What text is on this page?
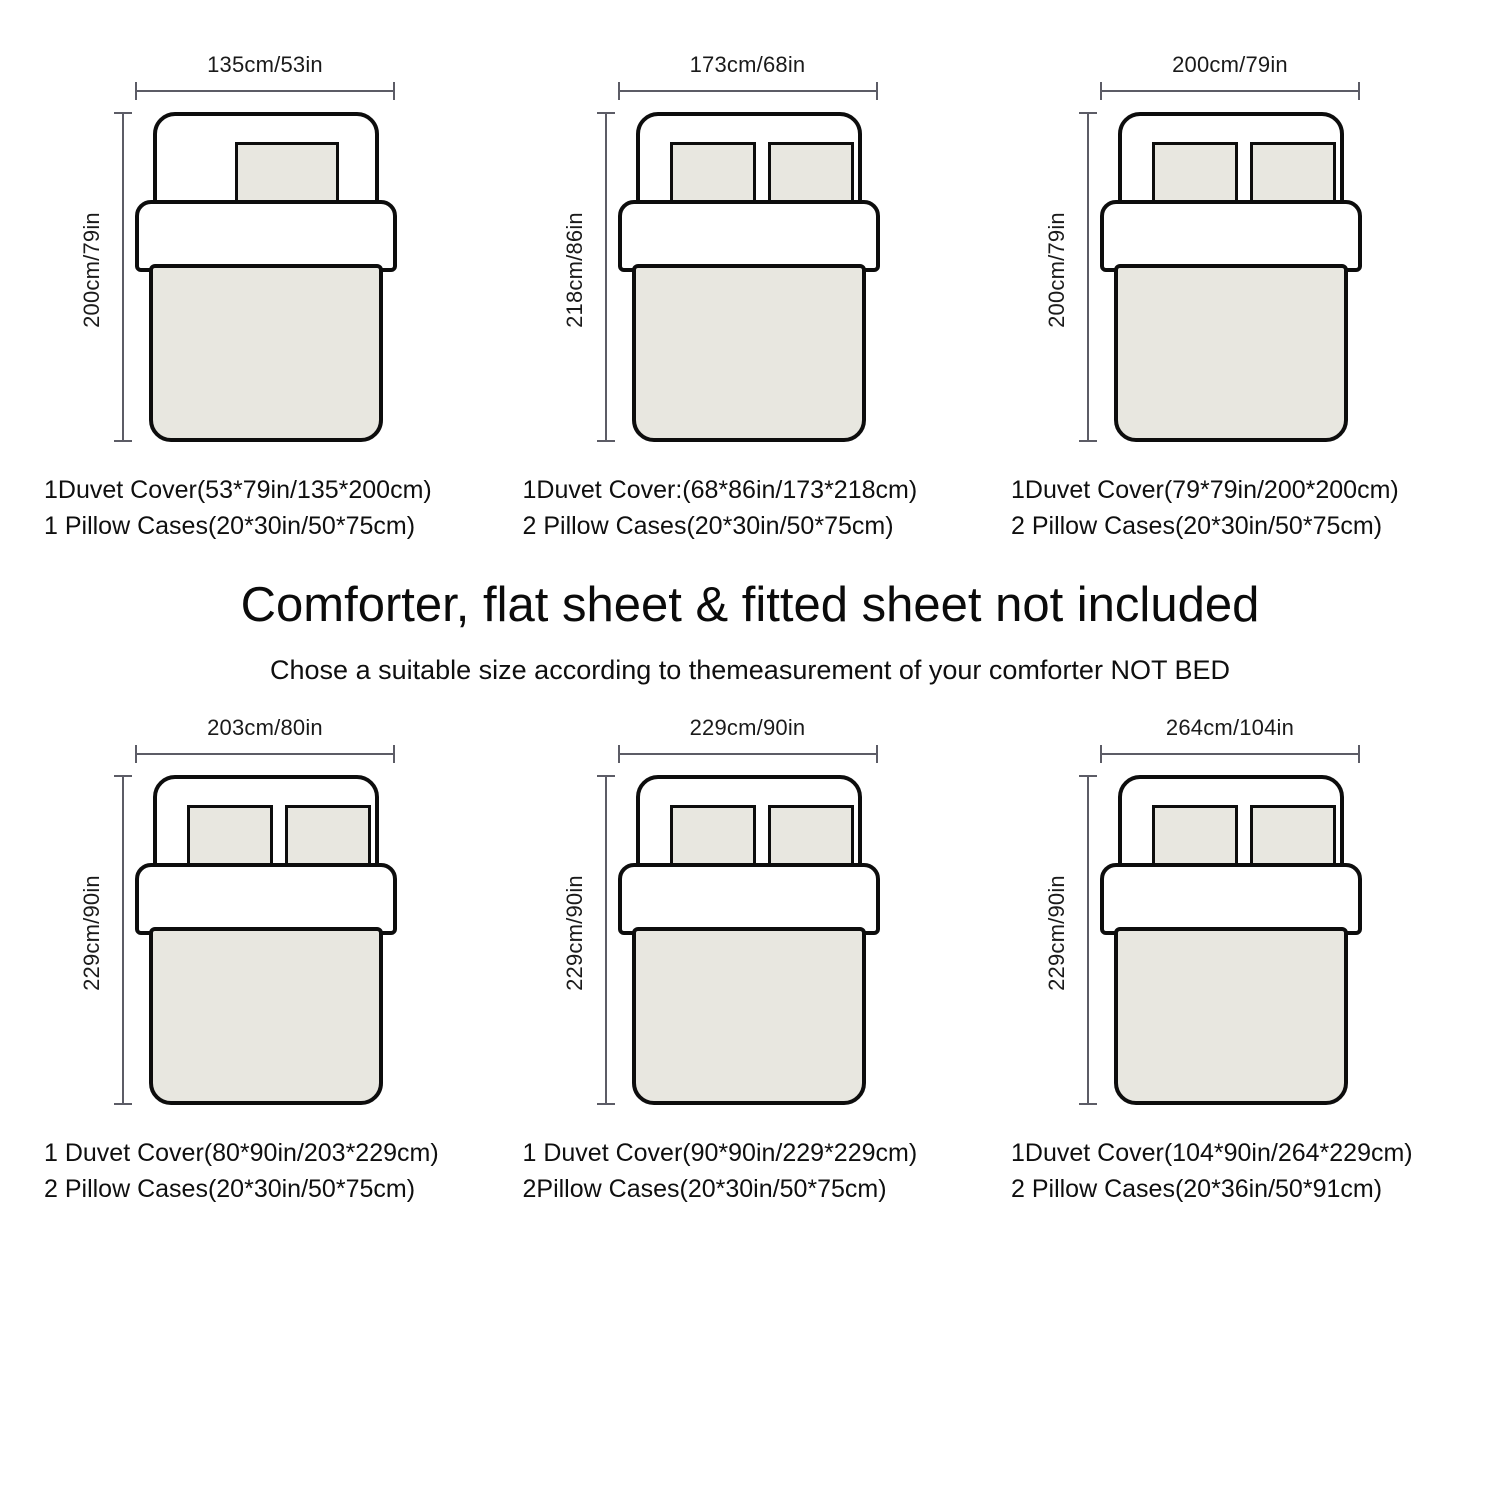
135cm/53in
200cm/79in
1Duvet Cover(53*79in/135*200cm)
1 Pillow Cases(20*30in/50*75cm)
173cm/68in
218cm/86in
1Duvet Cover:(68*86in/173*218cm)
2 Pillow Cases(20*30in/50*75cm)
200cm/79in
200cm/79in
1Duvet Cover(79*79in/200*200cm)
2 Pillow Cases(20*30in/50*75cm)
Comforter, flat sheet & fitted sheet not included
Chose a suitable size according to themeasurement of your comforter NOT BED
203cm/80in
229cm/90in
1 Duvet Cover(80*90in/203*229cm)
2 Pillow Cases(20*30in/50*75cm)
229cm/90in
229cm/90in
1 Duvet Cover(90*90in/229*229cm)
2Pillow Cases(20*30in/50*75cm)
264cm/104in
229cm/90in
1Duvet Cover(104*90in/264*229cm)
2 Pillow Cases(20*36in/50*91cm)
